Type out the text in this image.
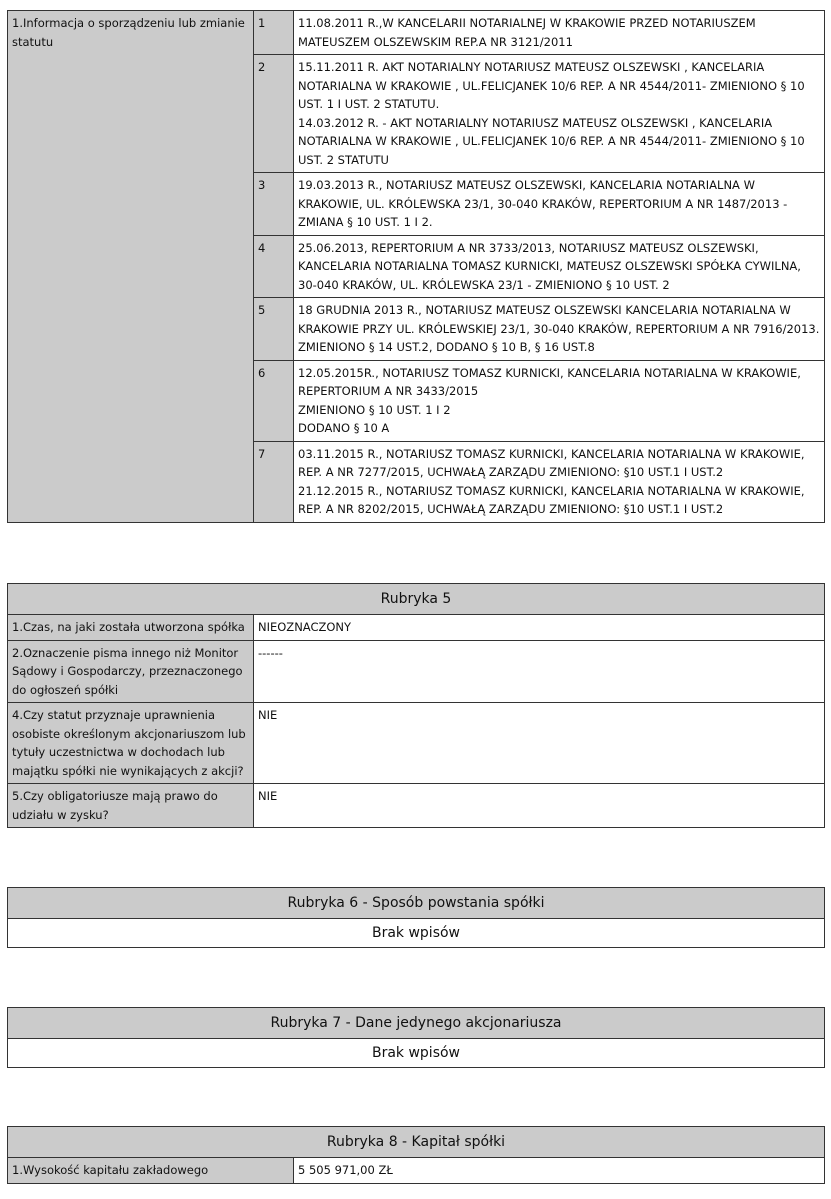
1.Informacja o sporządzeniu lub zmianie statutu	1	11.08.2011 R.,W KANCELARII NOTARIALNEJ W KRAKOWIE PRZED NOTARIUSZEM MATEUSZEM OLSZEWSKIM REP.A NR 3121/2011

	2	15.11.2011 R. AKT NOTARIALNY NOTARIUSZ MATEUSZ OLSZEWSKI , KANCELARIA NOTARIALNA W KRAKOWIE , UL.FELICJANEK 10/6 REP. A NR 4544/2011- ZMIENIONO § 10 UST. 1 I UST. 2 STATUTU.
14.03.2012 R. - AKT NOTARIALNY NOTARIUSZ MATEUSZ OLSZEWSKI , KANCELARIA NOTARIALNA W KRAKOWIE , UL.FELICJANEK 10/6 REP. A NR 4544/2011- ZMIENIONO § 10 UST. 2 STATUTU

	3	19.03.2013 R., NOTARIUSZ MATEUSZ OLSZEWSKI, KANCELARIA NOTARIALNA W KRAKOWIE, UL. KRÓLEWSKA 23/1, 30-040 KRAKÓW, REPERTORIUM A NR 1487/2013 - ZMIANA § 10 UST. 1 I 2.

	4	25.06.2013, REPERTORIUM A NR 3733/2013, NOTARIUSZ MATEUSZ OLSZEWSKI, KANCELARIA NOTARIALNA TOMASZ KURNICKI, MATEUSZ OLSZEWSKI SPÓŁKA CYWILNA, 30-040 KRAKÓW, UL. KRÓLEWSKA 23/1 - ZMIENIONO § 10 UST. 2

	5	18 GRUDNIA 2013 R., NOTARIUSZ MATEUSZ OLSZEWSKI KANCELARIA NOTARIALNA W KRAKOWIE PRZY UL. KRÓLEWSKIEJ 23/1, 30-040 KRAKÓW, REPERTORIUM A NR 7916/2013. ZMIENIONO § 14 UST.2, DODANO § 10 B, § 16 UST.8

	6	12.05.2015R., NOTARIUSZ TOMASZ KURNICKI, KANCELARIA NOTARIALNA W KRAKOWIE, REPERTORIUM A NR 3433/2015
ZMIENIONO § 10 UST. 1 I 2
DODANO § 10 A

	7	03.11.2015 R., NOTARIUSZ TOMASZ KURNICKI, KANCELARIA NOTARIALNA W KRAKOWIE, REP. A NR 7277/2015, UCHWAŁĄ ZARZĄDU ZMIENIONO: §10 UST.1 I UST.2
21.12.2015 R., NOTARIUSZ TOMASZ KURNICKI, KANCELARIA NOTARIALNA W KRAKOWIE, REP. A NR 8202/2015, UCHWAŁĄ ZARZĄDU ZMIENIONO: §10 UST.1 I UST.2
Rubryka 5	
1.Czas, na jaki została utworzona spółka	NIEOZNACZONY
2.Oznaczenie pisma innego niż Monitor Sądowy i Gospodarczy, przeznaczonego do ogłoszeń spółki	------
4.Czy statut przyznaje uprawnienia osobiste określonym akcjonariuszom lub tytuły uczestnictwa w dochodach lub majątku spółki nie wynikających z akcji?	NIE
5.Czy obligatoriusze mają prawo do udziału w zysku?	NIE
Rubryka 6 - Sposób powstania spółki
Brak wpisów
Rubryka 7 - Dane jedynego akcjonariusza
Brak wpisów
Rubryka 8 - Kapitał spółki
1.Wysokość kapitału zakładowego	5 505 971,00 ZŁ
